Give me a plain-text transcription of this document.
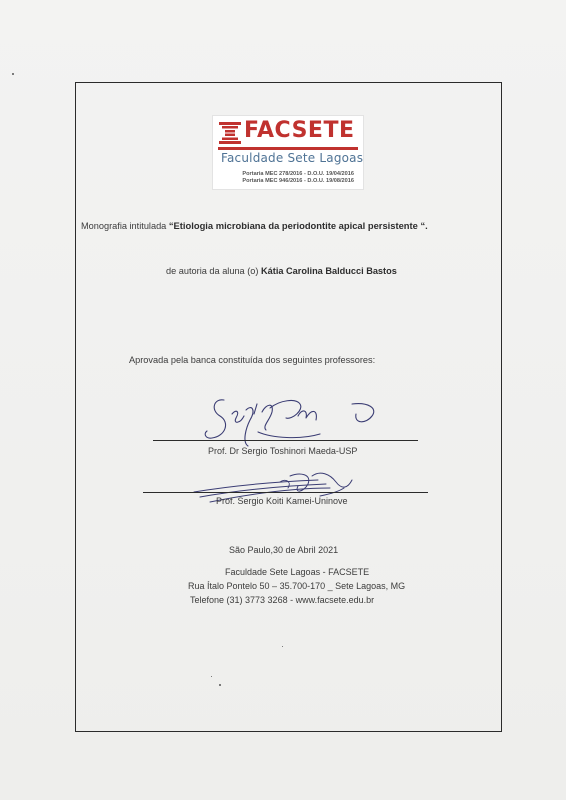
FACSETE
Faculdade Sete Lagoas
Portaria MEC 278/2016 - D.O.U. 19/04/2016
Portaria MEC 946/2016 - D.O.U. 19/08/2016
Monografia intitulada “Etiologia microbiana da periodontite apical persistente “.
de autoria da aluna (o) Kátia Carolina Balducci Bastos
Aprovada pela banca constituída dos seguintes professores:
Prof. Dr Sergio Toshinori Maeda-USP
Prof. Sergio Koiti Kamei-Uninove
São Paulo,30 de Abril 2021
Faculdade Sete Lagoas - FACSETE
Rua Ítalo Pontelo 50 – 35.700-170 _ Sete Lagoas, MG
Telefone (31) 3773 3268 - www.facsete.edu.br
